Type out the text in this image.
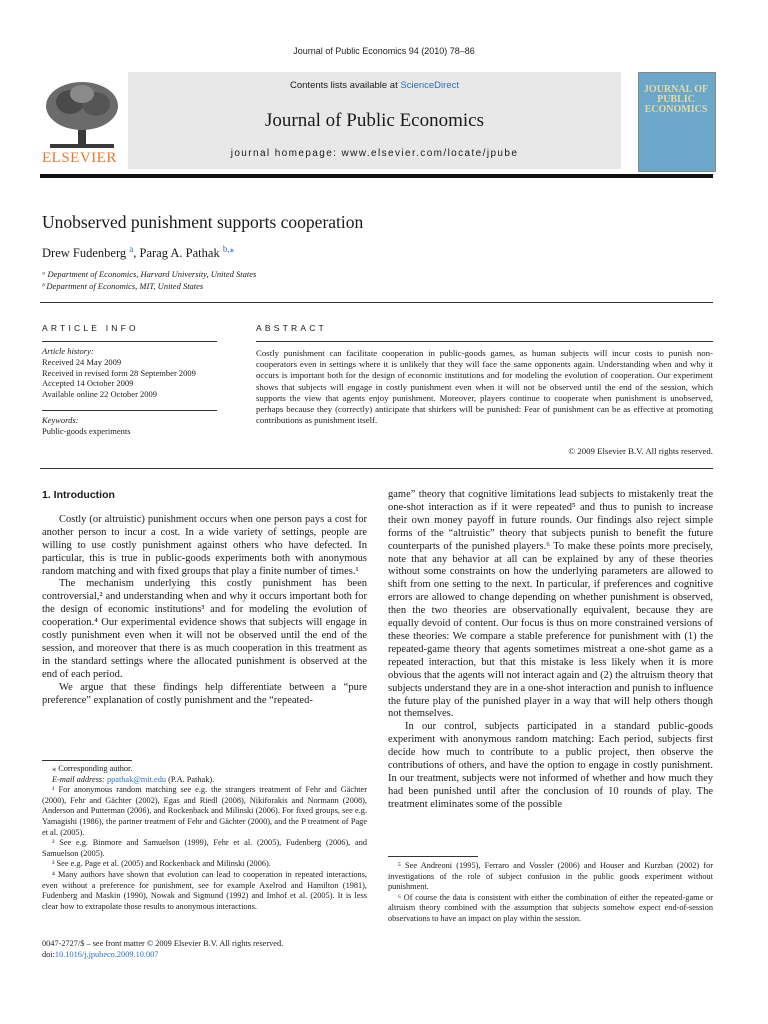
Journal of Public Economics 94 (2010) 78–86
ELSEVIER
Contents lists available at ScienceDirect
Journal of Public Economics
journal homepage: www.elsevier.com/locate/jpube
JOURNAL OF PUBLIC ECONOMICS
Unobserved punishment supports cooperation
Drew Fudenberg $^a$, Parag A. Pathak $^{b,⁎}$
ᵃ Department of Economics, Harvard University, United States
ᵇ Department of Economics, MIT, United States
ARTICLE INFO	ABSTRACT
Article history:
Received 24 May 2009
Received in revised form 28 September 2009
Accepted 14 October 2009
Available online 22 October 2009
Keywords:
Public-goods experiments
Costly punishment can facilitate cooperation in public-goods games, as human subjects will incur costs to punish non-cooperators even in settings where it is unlikely that they will face the same opponents again. Understanding when and why it occurs is important both for the design of economic institutions and for modeling the evolution of cooperation. Our experiment shows that subjects will engage in costly punishment even when it will not be observed until the end of the session, which supports the view that agents enjoy punishment. Moreover, players continue to cooperate when punishment is unobserved, perhaps because they (correctly) anticipate that shirkers will be punished: Fear of punishment can be as effective at promoting contributions as punishment itself.
© 2009 Elsevier B.V. All rights reserved.
1. Introduction

Costly (or altruistic) punishment occurs when one person pays a cost for another person to incur a cost. In a wide variety of settings, people are willing to use costly punishment against others who have defected. In particular, this is true in public-goods experiments both with anonymous random matching and with fixed groups that play a finite number of times.¹

The mechanism underlying this costly punishment has been controversial,² and understanding when and why it occurs important both for the design of economic institutions³ and for modeling the evolution of cooperation.⁴ Our experimental evidence shows that subjects will engage in costly punishment even when it will not be observed until the end of the session, and moreover that there is as much cooperation in this treatment as in the standard settings where the allocated punishment is observed at the end of each period.

We argue that these findings help differentiate between a “pure preference” explanation of costly punishment and the “repeated-

game” theory that cognitive limitations lead subjects to mistakenly treat the one-shot interaction as if it were repeated⁵ and thus to punish to increase their own money payoff in future rounds. Our findings also reject simple forms of the “altruistic” theory that subjects punish to benefit the future counterparts of the punished players.⁶ To make these points more precisely, note that any behavior at all can be explained by any of these theories without some constraints on how the underlying parameters are allowed to shift from one setting to the next. In particular, if preferences and cognitive errors are allowed to change depending on whether punishment is observed, then the two theories are observationally equivalent, because they are equally devoid of content. Our focus is thus on more constrained versions of these theories: We compare a stable preference for punishment with (1) the repeated-game theory that agents sometimes mistreat a one-shot game as a repeated interaction, but that this mistake is less likely when it is more obvious that the agents will not interact again and (2) the altruism theory that subjects understand they are in a one-shot interaction and punish to influence the future play of the punished player in a way that will help others though not themselves.

In our control, subjects participated in a standard public-goods experiment with anonymous random matching: Each period, subjects first decide how much to contribute to a public project, then observe the contributions of others, and have the option to engage in costly punishment. In our treatment, subjects were not informed of whether and how much they had been punished until after the conclusion of 10 rounds of play. The treatment eliminates some of the possible

⁎ Corresponding author.

E-mail address: ppathak@mit.edu (P.A. Pathak).

¹ For anonymous random matching see e.g. the strangers treatment of Fehr and Gächter (2000), Fehr and Gächter (2002), Egas and Riedl (2008), Nikiforakis and Normann (2008), Anderson and Putterman (2006), and Rockenback and Milinski (2006). For fixed groups, see e.g. Yamagishi (1986), the partner treatment of Fehr and Gächter (2000), and the P treatment of Page et al. (2005).

² See e.g. Binmore and Samuelson (1999), Fehr et al. (2005), Fudenberg (2006), and Samuelson (2005).

³ See e.g. Page et al. (2005) and Rockenback and Milinski (2006).

⁴ Many authors have shown that evolution can lead to cooperation in repeated interactions, even without a preference for punishment, see for example Axelrod and Hamilton (1981), Fudenberg and Maskin (1990), Nowak and Sigmund (1992) and Imhof et al. (2005). It is less clear how to extrapolate those results to anonymous interactions.

⁵ See Andreoni (1995), Ferraro and Vossler (2006) and Houser and Kurzban (2002) for investigations of the role of subject confusion in the public goods experiment without punishment.

⁶ Of course the data is consistent with either the combination of either the repeated-game or altruism theory combined with the assumption that subjects somehow expect end-of-session observations to have an impact on play within the session.

0047-2727/$ – see front matter © 2009 Elsevier B.V. All rights reserved.
doi:10.1016/j.jpubeco.2009.10.007
